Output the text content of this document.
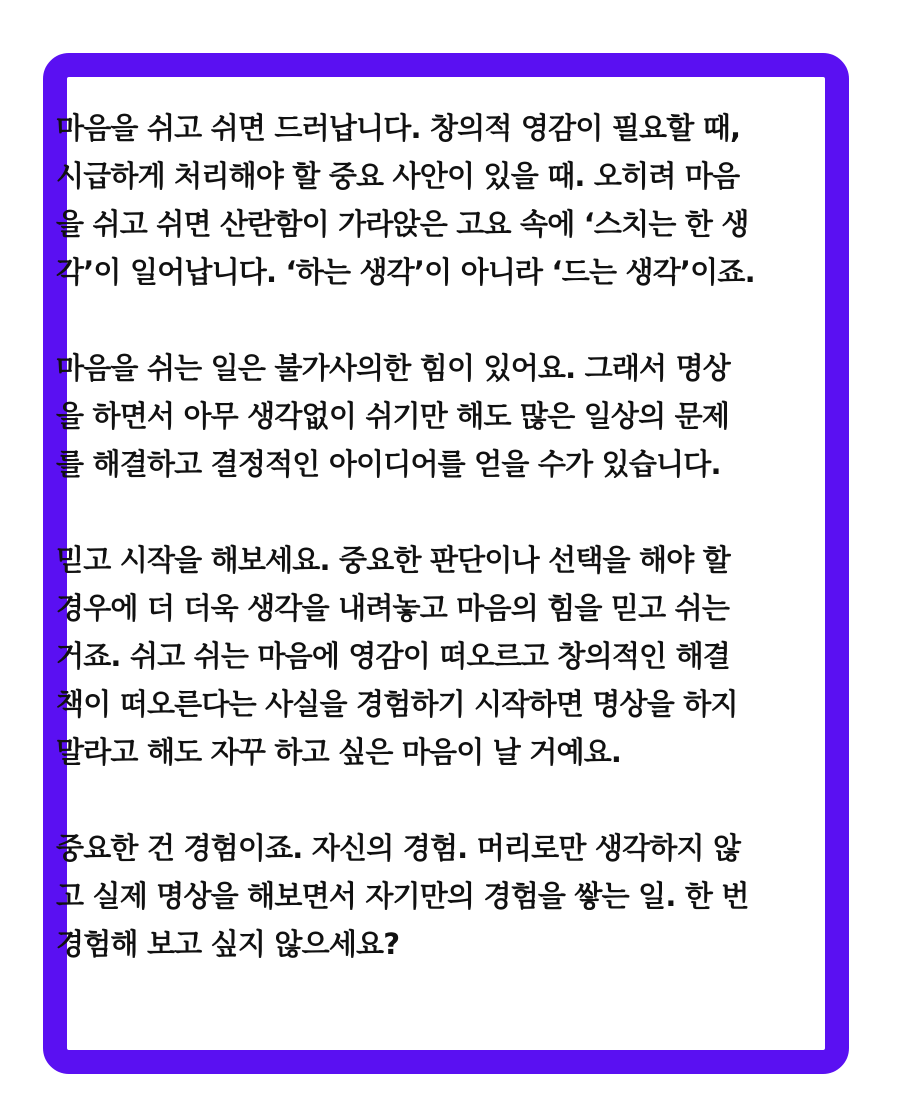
마음을 쉬고 쉬면 드러납니다. 창의적 영감이 필요할 때,
시급하게 처리해야 할 중요 사안이 있을 때. 오히려 마음
을 쉬고 쉬면 산란함이 가라앉은 고요 속에 ‘스치는 한 생
각’이 일어납니다. ‘하는 생각’이 아니라 ‘드는 생각’이죠.
마음을 쉬는 일은 불가사의한 힘이 있어요. 그래서 명상
을 하면서 아무 생각없이 쉬기만 해도 많은 일상의 문제
를 해결하고 결정적인 아이디어를 얻을 수가 있습니다.
믿고 시작을 해보세요. 중요한 판단이나 선택을 해야 할
경우에 더 더욱 생각을 내려놓고 마음의 힘을 믿고 쉬는
거죠. 쉬고 쉬는 마음에 영감이 떠오르고 창의적인 해결
책이 떠오른다는 사실을 경험하기 시작하면 명상을 하지
말라고 해도 자꾸 하고 싶은 마음이 날 거예요.
중요한 건 경험이죠. 자신의 경험. 머리로만 생각하지 않
고 실제 명상을 해보면서 자기만의 경험을 쌓는 일. 한 번
경험해 보고 싶지 않으세요?
